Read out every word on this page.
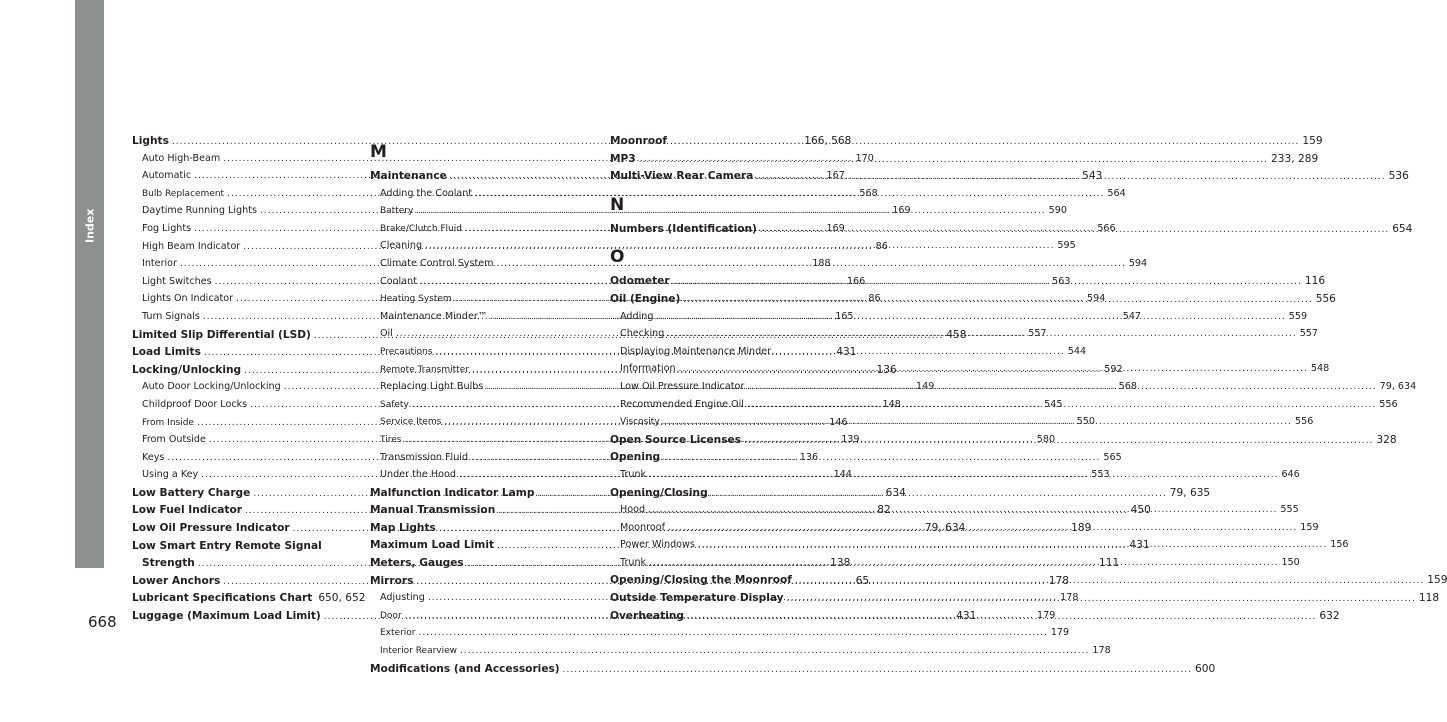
Index
668
Lights .....	166, 568
Auto High-Beam .....	170
Automatic .....	167
Bulb Replacement .....	568
Daytime Running Lights .....	169
Fog Lights .....	169
High Beam Indicator .....	86
Interior .....	188
Light Switches .....	166
Lights On Indicator .....	86
Turn Signals .....	165
Limited Slip Differential (LSD) .....	458
Load Limits .....	431
Locking/Unlocking .....	136
Auto Door Locking/Unlocking .....	149
Childproof Door Locks .....	148
From Inside .....	146
From Outside .....	139
Keys .....	136
Using a Key .....	144
Low Battery Charge .....	634
Low Fuel Indicator .....	82
Low Oil Pressure Indicator .....	79, 634
Low Smart Entry Remote Signal
Strength .....	138
Lower Anchors .....	65
Lubricant Specifications Chart 650, 652
Luggage (Maximum Load Limit) .....	431
M
Maintenance .....	543
Adding the Coolant .....	564
Battery .....	590
Brake/Clutch Fluid .....	566
Cleaning .....	595
Climate Control System .....	594
Coolant .....	563
Heating System .....	594
Maintenance Minder™ .....	547
Oil .....	557
Precautions .....	544
Remote Transmitter .....	592
Replacing Light Bulbs .....	568
Safety .....	545
Service Items .....	550
Tires .....	580
Transmission Fluid .....	565
Under the Hood .....	553
Malfunction Indicator Lamp .....	79, 635
Manual Transmission .....	450
Map Lights .....	189
Maximum Load Limit .....	431
Meters, Gauges .....	111
Mirrors .....	178
Adjusting .....	178
Door .....	179
Exterior .....	179
Interior Rearview .....	178
Modifications (and Accessories) .....	600
Moonroof .....	159
MP3 .....	233, 289
Multi-View Rear Camera .....	536
N
Numbers (Identification) .....	654
O
Odometer .....	116
Oil (Engine) .....	556
Adding .....	559
Checking .....	557
Displaying Maintenance Minder
Information .....	548
Low Oil Pressure Indicator .....	79, 634
Recommended Engine Oil .....	556
Viscosity .....	556
Open Source Licenses .....	328
Opening
Trunk .....	646
Opening/Closing
Hood .....	555
Moonroof .....	159
Power Windows .....	156
Trunk .....	150
Opening/Closing the Moonroof .....	159
Outside Temperature Display .....	118
Overheating .....	632
